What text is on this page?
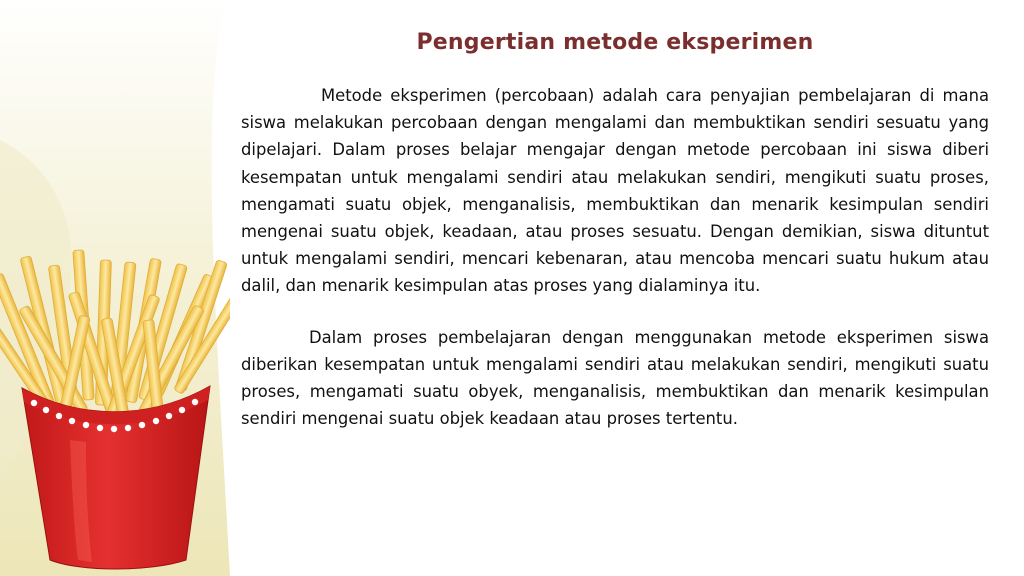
Pengertian metode eksperimen

Metode eksperimen (percobaan) adalah cara penyajian pembelajaran di mana siswa melakukan percobaan dengan mengalami dan membuktikan sendiri sesuatu yang dipelajari. Dalam proses belajar mengajar dengan metode percobaan ini siswa diberi kesempatan untuk mengalami sendiri atau melakukan sendiri, mengikuti suatu proses, mengamati suatu objek, menganalisis, membuktikan dan menarik kesimpulan sendiri mengenai suatu objek, keadaan, atau proses sesuatu. Dengan demikian, siswa dituntut untuk mengalami sendiri, mencari kebenaran, atau mencoba mencari suatu hukum atau dalil, dan menarik kesimpulan atas proses yang dialaminya itu.

Dalam proses pembelajaran dengan menggunakan metode eksperimen siswa diberikan kesempatan untuk mengalami sendiri atau melakukan sendiri, mengikuti suatu proses, mengamati suatu obyek, menganalisis, membuktikan dan menarik kesimpulan sendiri mengenai suatu objek keadaan atau proses tertentu.
